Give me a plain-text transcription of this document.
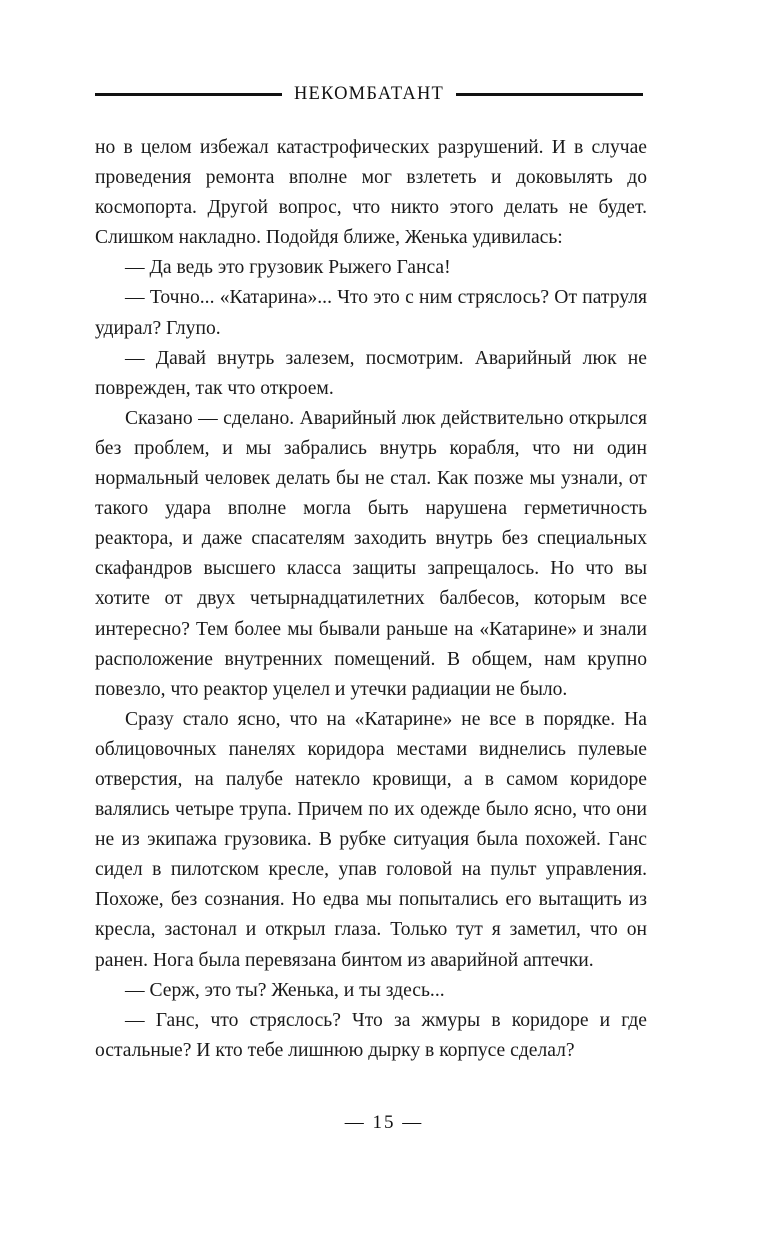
НЕКОМБАТАНТ

но в целом избежал катастрофических разрушений. И в случае проведения ремонта вполне мог взлететь и доковылять до космопорта. Другой вопрос, что никто этого делать не будет. Слишком накладно. Подойдя ближе, Женька удивилась:

— Да ведь это грузовик Рыжего Ганса!

— Точно... «Катарина»... Что это с ним стряслось? От патруля удирал? Глупо.

— Давай внутрь залезем, посмотрим. Аварийный люк не поврежден, так что откроем.

Сказано — сделано. Аварийный люк действительно открылся без проблем, и мы забрались внутрь корабля, что ни один нормальный человек делать бы не стал. Как позже мы узнали, от такого удара вполне могла быть нарушена герметичность реактора, и даже спасателям заходить внутрь без специальных скафандров высшего класса защиты запрещалось. Но что вы хотите от двух четырнадцатилетних балбесов, которым все интересно? Тем более мы бывали раньше на «Катарине» и знали расположение внутренних помещений. В общем, нам крупно повезло, что реактор уцелел и утечки радиации не было.

Сразу стало ясно, что на «Катарине» не все в порядке. На облицовочных панелях коридора местами виднелись пулевые отверстия, на палубе натекло кровищи, а в самом коридоре валялись четыре трупа. Причем по их одежде было ясно, что они не из экипажа грузовика. В рубке ситуация была похожей. Ганс сидел в пилотском кресле, упав головой на пульт управления. Похоже, без сознания. Но едва мы попытались его вытащить из кресла, застонал и открыл глаза. Только тут я заметил, что он ранен. Нога была перевязана бинтом из аварийной аптечки.

— Серж, это ты? Женька, и ты здесь...

— Ганс, что стряслось? Что за жмуры в коридоре и где остальные? И кто тебе лишнюю дырку в корпусе сделал?

— 15 —
